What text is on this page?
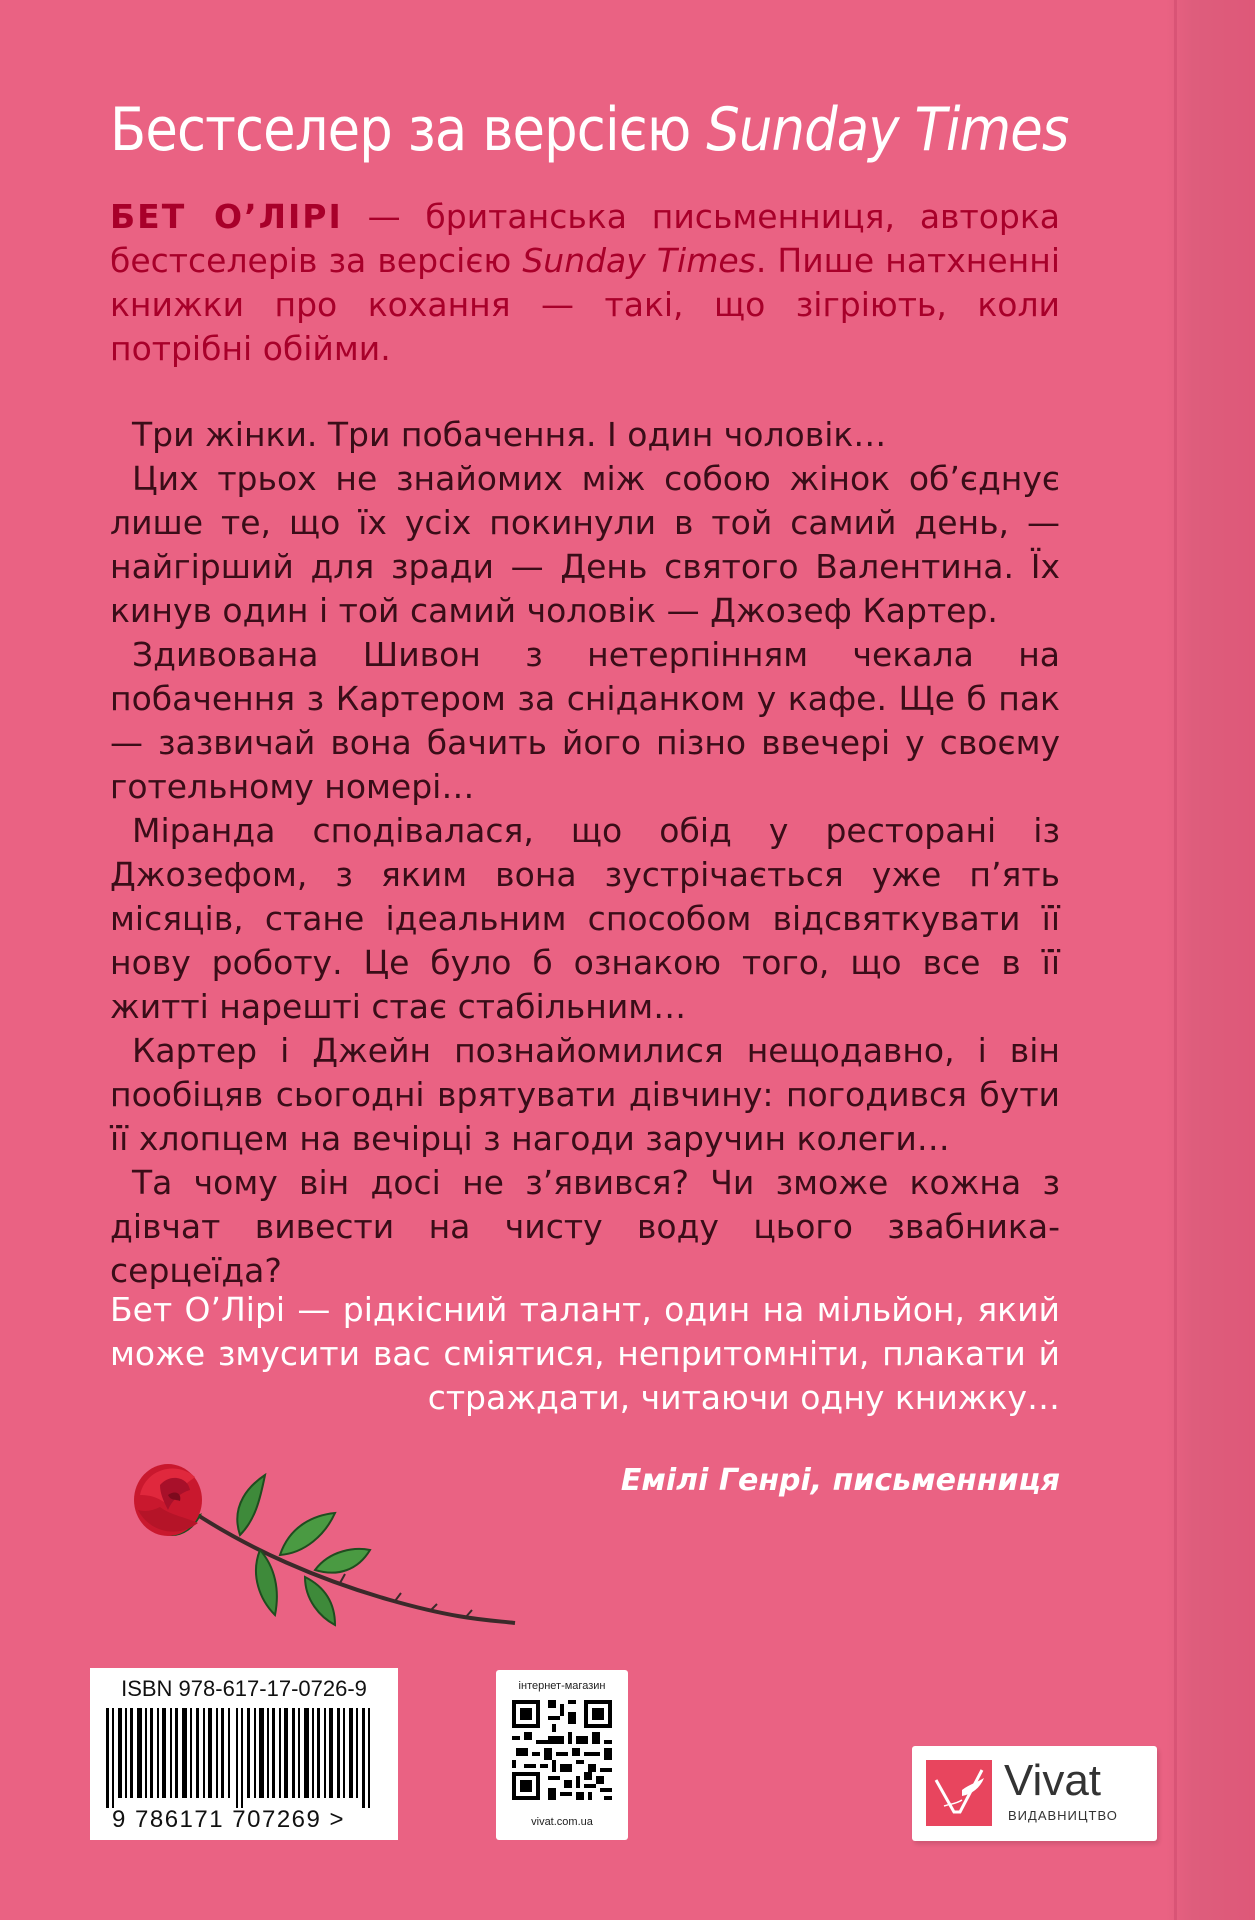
Бестселер за версією Sunday Times

БЕТ О’ЛІРІ — британська письменниця, авторка бестселерів за версією Sunday Times. Пише натхненні книжки про кохання — такі, що зігріють, коли потрібні обійми.

Три жінки. Три побачення. І один чоловік…

Цих трьох не знайомих між собою жінок об’єднує лише те, що їх усіх покинули в той самий день, — найгірший для зради — День святого Валентина. Їх кинув один і той самий чоловік — Джозеф Картер.

Здивована Шивон з нетерпінням чекала на побачення з Картером за сніданком у кафе. Ще б пак — зазвичай вона бачить його пізно ввечері у своєму готельному номері…

Міранда сподівалася, що обід у ресторані із Джозефом, з яким вона зустрічається уже п’ять місяців, стане ідеальним способом відсвяткувати її нову роботу. Це було б ознакою того, що все в її житті нарешті стає стабільним…

Картер і Джейн познайомилися нещодавно, і він пообіцяв сьогодні врятувати дівчину: погодився бути її хлопцем на вечірці з нагоди заручин колеги…

Та чому він досі не з’явився? Чи зможе кожна з дівчат вивести на чисту воду цього звабника-серцеїда?

Бет О’Лірі — рідкісний талант, один на мільйон, який може змусити вас сміятися, непритомніти, плакати й страждати, читаючи одну книжку…

Емілі Генрі, письменниця

ISBN 978-617-17-0726-9
9 786171 707269 >
інтернет-магазин
vivat.com.ua
Vivat
ВИДАВНИЦТВО
